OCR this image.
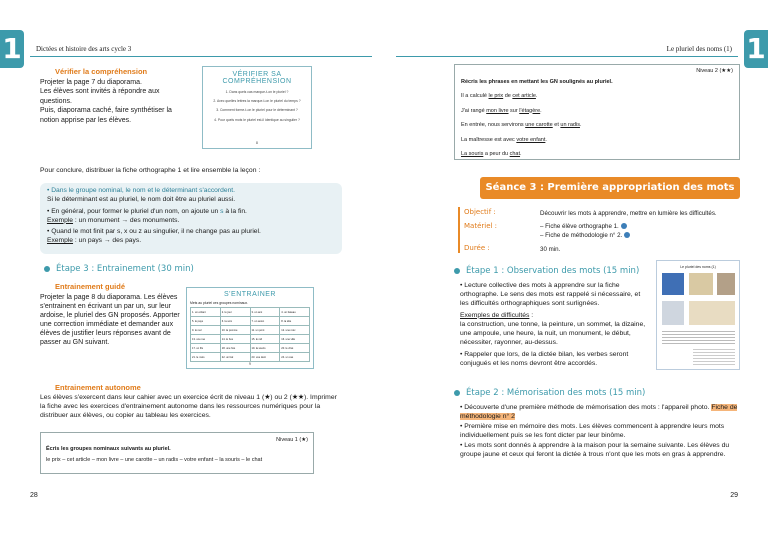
1	Dictées et histoire des arts cycle 3
Vérifier la compréhension
Projeter la page 7 du diaporama.
Les élèves sont invités à répondre aux questions.
Puis, diaporama caché, faire synthétiser la notion apprise par les élèves.
VÉRIFIER SA COMPRÉHENSION
1. Dans quels cas marque-t-on le pluriel ?
2. Avec quelles lettres la marque-t-on le pluriel du temps ?
3. Comment forme-t-on le pluriel pour le déterminant ?
4. Pour quels mots le pluriel est-il identique au singulier ?
8
Pour conclure, distribuer la fiche orthographe 1 et lire ensemble la leçon :

• Dans le groupe nominal, le nom et le déterminant s'accordent.
Si le déterminant est au pluriel, le nom doit être au pluriel aussi.

• En général, pour former le pluriel d'un nom, on ajoute un s à la fin.
Exemple : un monument → des monuments.

• Quand le mot finit par s, x ou z au singulier, il ne change pas au pluriel.
Exemple : un pays → des pays.

Étape 3 : Entrainement (30 min)
Entrainement guidé
Projeter la page 8 du diaporama. Les élèves s'entrainent en écrivant un par un, sur leur ardoise, le pluriel des GN proposés. Apporter une correction immédiate et demander aux élèves de justifier leurs réponses avant de passer au GN suivant.
S'ENTRAINER
Mets au pluriel ces groupes nominaux.
1. un enfant	2. le jour	3. un ami	4. un bateau
5. le pays	6. la voix	7. un avion	8. la tête
9. le nez	10. la pomme	11. un pont	12. une noix
13. une rue	14. le bus	15. le nid	16. une ville
17. un fils	18. une fois	19. la souris	20. le chat
21. le mois	22. un bal	23. une dent	24. un cas
9
Entrainement autonome
Les élèves s'exercent dans leur cahier avec un exercice écrit de niveau 1 (★) ou 2 (★★). Imprimer la fiche avec les exercices d'entrainement autonome dans les ressources numériques pour la distribuer aux élèves, ou copier au tableau les exercices.
Niveau 1 (★)
Écris les groupes nominaux suivants au pluriel.
le prix – cet article – mon livre – une carotte – un radis – votre enfant – la souris – le chat
28
1
Le pluriel des noms (1)
Niveau 2 (★★)
Récris les phrases en mettant les GN soulignés au pluriel.
Il a calculé le prix de cet article.
J'ai rangé mon livre sur l'étagère.
En entrée, nous servirons une carotte et un radis.
La maîtresse est avec votre enfant.
La souris a peur du chat.
Séance 3 : Première appropriation des mots
Objectif :	Découvrir les mots à apprendre, mettre en lumière les difficultés.
Matériel :	– Fiche élève orthographe 1.
– Fiche de méthodologie n° 2.
Durée :	30 min.
Étape 1 : Observation des mots (15 min)
• Lecture collective des mots à apprendre sur la fiche orthographe. Le sens des mots est rappelé si nécessaire, et les difficultés orthographiques sont surlignées.
Exemples de difficultés :
la construction, une tonne, la peinture, un sommet, la dizaine, une ampoule, une heure, la nuit, un monument, le début, nécessiter, rayonner, au-dessus.
• Rappeler que lors, de la dictée bilan, les verbes seront conjugués et les noms devront être accordés.
Le pluriel des noms (1)
Étape 2 : Mémorisation des mots (15 min)
• Découverte d'une première méthode de mémorisation des mots : l'appareil photo. Fiche de méthodologie n° 2
• Première mise en mémoire des mots. Les élèves commencent à apprendre leurs mots individuellement puis se les font dicter par leur binôme.
• Les mots sont donnés à apprendre à la maison pour la semaine suivante. Les élèves du groupe jaune et ceux qui feront la dictée à trous n'ont que les mots en gras à apprendre.
29
